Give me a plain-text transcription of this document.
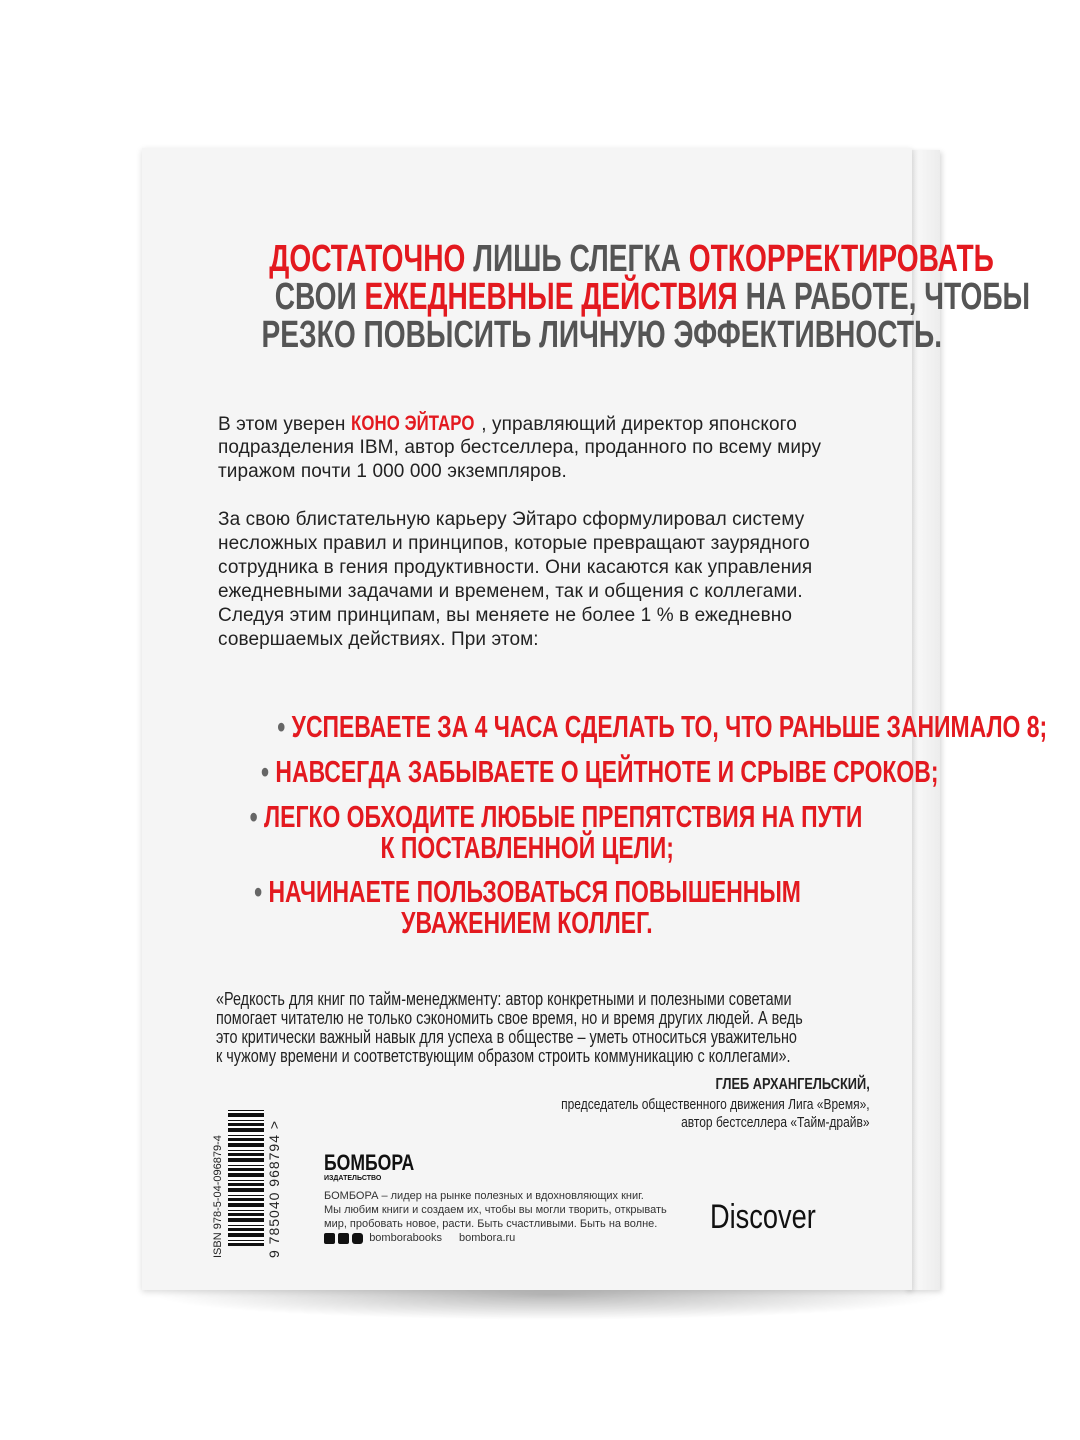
ДОСТАТОЧНО ЛИШЬ СЛЕГКА ОТКОРРЕКТИРОВАТЬ
СВОИ ЕЖЕДНЕВНЫЕ ДЕЙСТВИЯ НА РАБОТЕ, ЧТОБЫ
РЕЗКО ПОВЫСИТЬ ЛИЧНУЮ ЭФФЕКТИВНОСТЬ.
В этом уверен КОНО ЭЙТАРО , управляющий директор японского
подразделения IBM, автор бестселлера, проданного по всему миру
тиражом почти 1 000 000 экземпляров.
За свою блистательную карьеру Эйтаро сформулировал систему
несложных правил и принципов, которые превращают заурядного
сотрудника в гения продуктивности. Они касаются как управления
ежедневными задачами и временем, так и общения с коллегами.
Следуя этим принципам, вы меняете не более 1 % в ежедневно
совершаемых действиях. При этом:
• УСПЕВАЕТЕ ЗА 4 ЧАСА СДЕЛАТЬ ТО, ЧТО РАНЬШЕ ЗАНИМАЛО 8;
• НАВСЕГДА ЗАБЫВАЕТЕ О ЦЕЙТНОТЕ И СРЫВЕ СРОКОВ;
• ЛЕГКО ОБХОДИТЕ ЛЮБЫЕ ПРЕПЯТСТВИЯ НА ПУТИ
К ПОСТАВЛЕННОЙ ЦЕЛИ;
• НАЧИНАЕТЕ ПОЛЬЗОВАТЬСЯ ПОВЫШЕННЫМ
УВАЖЕНИЕМ КОЛЛЕГ.
«Редкость для книг по тайм-менеджменту: автор конкретными и полезными советами
помогает читателю не только сэкономить свое время, но и время других людей. А ведь
это критически важный навык для успеха в обществе – уметь относиться уважительно
к чужому времени и соответствующим образом строить коммуникацию с коллегами».
ГЛЕБ АРХАНГЕЛЬСКИЙ,
председатель общественного движения Лига «Время»,
автор бестселлера «Тайм-драйв»
ISBN 978-5-04-096879-4	9 785040 968794 > БОМБОРА
ИЗДАТЕЛЬСТВО
БОМБОРА – лидер на рынке полезных и вдохновляющих книг.
Мы любим книги и создаем их, чтобы вы могли творить, открывать
мир, пробовать новое, расти. Быть счастливыми. Быть на волне.
bomborabooks bombora.ru
Discover
